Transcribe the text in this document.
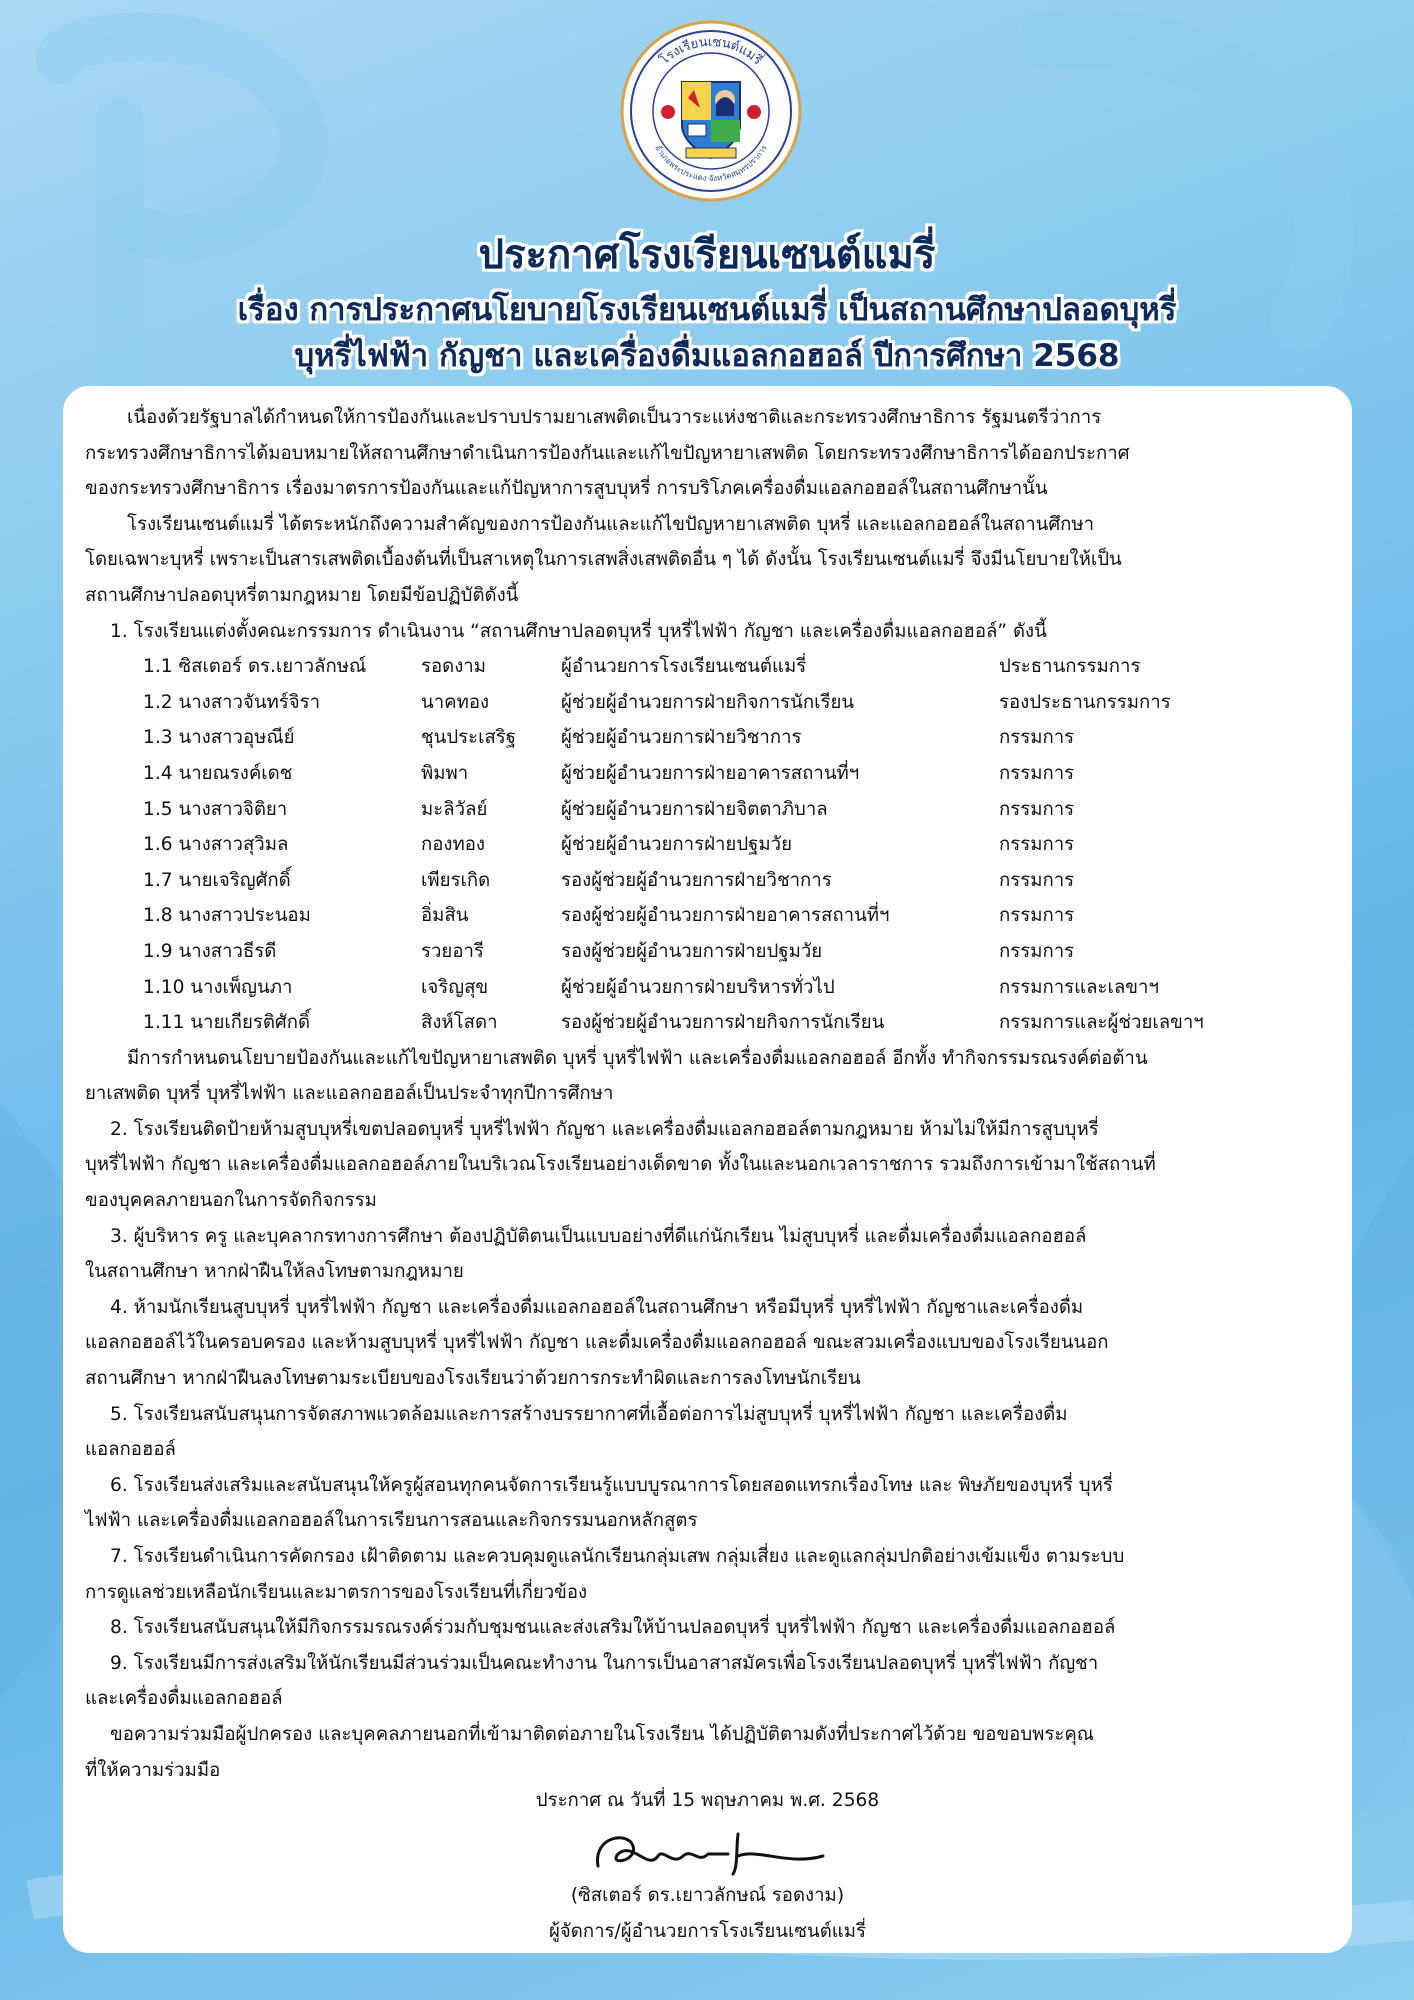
โรงเรียนเซนต์แมรี่
อำเภอพระประแดง จังหวัดสมุทรปราการ
ประกาศโรงเรียนเซนต์แมรี่
เรื่อง การประกาศนโยบายโรงเรียนเซนต์แมรี่ เป็นสถานศึกษาปลอดบุหรี่
บุหรี่ไฟฟ้า กัญชา และเครื่องดื่มแอลกอฮอล์ ปีการศึกษา 2568
เนื่องด้วยรัฐบาลได้กำหนดให้การป้องกันและปราบปรามยาเสพติดเป็นวาระแห่งชาติและกระทรวงศึกษาธิการ รัฐมนตรีว่าการ
กระทรวงศึกษาธิการได้มอบหมายให้สถานศึกษาดำเนินการป้องกันและแก้ไขปัญหายาเสพติด โดยกระทรวงศึกษาธิการได้ออกประกาศ
ของกระทรวงศึกษาธิการ เรื่องมาตรการป้องกันและแก้ปัญหาการสูบบุหรี่ การบริโภคเครื่องดื่มแอลกอฮอล์ในสถานศึกษานั้น
โรงเรียนเซนต์แมรี่ ได้ตระหนักถึงความสำคัญของการป้องกันและแก้ไขปัญหายาเสพติด บุหรี่ และแอลกอฮอล์ในสถานศึกษา
โดยเฉพาะบุหรี่ เพราะเป็นสารเสพติดเบื้องต้นที่เป็นสาเหตุในการเสพสิ่งเสพติดอื่น ๆ ได้ ดังนั้น โรงเรียนเซนต์แมรี่ จึงมีนโยบายให้เป็น
สถานศึกษาปลอดบุหรี่ตามกฎหมาย โดยมีข้อปฏิบัติดังนี้
1. โรงเรียนแต่งตั้งคณะกรรมการ ดำเนินงาน “สถานศึกษาปลอดบุหรี่ บุหรี่ไฟฟ้า กัญชา และเครื่องดื่มแอลกอฮอล์” ดังนี้
1.1 ซิสเตอร์ ดร.เยาวลักษณ์	รอดงาม	ผู้อำนวยการโรงเรียนเซนต์แมรี่	ประธานกรรมการ
1.2 นางสาวจันทร์จิรา	นาคทอง	ผู้ช่วยผู้อำนวยการฝ่ายกิจการนักเรียน	รองประธานกรรมการ
1.3 นางสาวอุษณีย์	ชุนประเสริฐ	ผู้ช่วยผู้อำนวยการฝ่ายวิชาการ	กรรมการ
1.4 นายณรงค์เดช	พิมพา	ผู้ช่วยผู้อำนวยการฝ่ายอาคารสถานที่ฯ	กรรมการ
1.5 นางสาวจิติยา	มะลิวัลย์	ผู้ช่วยผู้อำนวยการฝ่ายจิตตาภิบาล	กรรมการ
1.6 นางสาวสุวิมล	กองทอง	ผู้ช่วยผู้อำนวยการฝ่ายปฐมวัย	กรรมการ
1.7 นายเจริญศักดิ์	เพียรเกิด	รองผู้ช่วยผู้อำนวยการฝ่ายวิชาการ	กรรมการ
1.8 นางสาวประนอม	อิ่มสิน	รองผู้ช่วยผู้อำนวยการฝ่ายอาคารสถานที่ฯ	กรรมการ
1.9 นางสาวธีรดี	รวยอารี	รองผู้ช่วยผู้อำนวยการฝ่ายปฐมวัย	กรรมการ
1.10 นางเพ็ญนภา	เจริญสุข	ผู้ช่วยผู้อำนวยการฝ่ายบริหารทั่วไป	กรรมการและเลขาฯ
1.11 นายเกียรติศักดิ์	สิงห์โสดา	รองผู้ช่วยผู้อำนวยการฝ่ายกิจการนักเรียน	กรรมการและผู้ช่วยเลขาฯ
มีการกำหนดนโยบายป้องกันและแก้ไขปัญหายาเสพติด บุหรี่ บุหรี่ไฟฟ้า และเครื่องดื่มแอลกอฮอล์ อีกทั้ง ทำกิจกรรมรณรงค์ต่อต้าน
ยาเสพติด บุหรี่ บุหรี่ไฟฟ้า และแอลกอฮอล์เป็นประจำทุกปีการศึกษา
2. โรงเรียนติดป้ายห้ามสูบบุหรี่เขตปลอดบุหรี่ บุหรี่ไฟฟ้า กัญชา และเครื่องดื่มแอลกอฮอล์ตามกฎหมาย ห้ามไม่ให้มีการสูบบุหรี่
บุหรี่ไฟฟ้า กัญชา และเครื่องดื่มแอลกอฮอล์ภายในบริเวณโรงเรียนอย่างเด็ดขาด ทั้งในและนอกเวลาราชการ รวมถึงการเข้ามาใช้สถานที่
ของบุคคลภายนอกในการจัดกิจกรรม
3. ผู้บริหาร ครู และบุคลากรทางการศึกษา ต้องปฏิบัติตนเป็นแบบอย่างที่ดีแก่นักเรียน ไม่สูบบุหรี่ และดื่มเครื่องดื่มแอลกอฮอล์
ในสถานศึกษา หากฝ่าฝืนให้ลงโทษตามกฎหมาย
4. ห้ามนักเรียนสูบบุหรี่ บุหรี่ไฟฟ้า กัญชา และเครื่องดื่มแอลกอฮอล์ในสถานศึกษา หรือมีบุหรี่ บุหรี่ไฟฟ้า กัญชาและเครื่องดื่ม
แอลกอฮอล์ไว้ในครอบครอง และห้ามสูบบุหรี่ บุหรี่ไฟฟ้า กัญชา และดื่มเครื่องดื่มแอลกอฮอล์ ขณะสวมเครื่องแบบของโรงเรียนนอก
สถานศึกษา หากฝ่าฝืนลงโทษตามระเบียบของโรงเรียนว่าด้วยการกระทำผิดและการลงโทษนักเรียน
5. โรงเรียนสนับสนุนการจัดสภาพแวดล้อมและการสร้างบรรยากาศที่เอื้อต่อการไม่สูบบุหรี่ บุหรี่ไฟฟ้า กัญชา และเครื่องดื่ม
แอลกอฮอล์
6. โรงเรียนส่งเสริมและสนับสนุนให้ครูผู้สอนทุกคนจัดการเรียนรู้แบบบูรณาการโดยสอดแทรกเรื่องโทษ และ พิษภัยของบุหรี่ บุหรี่
ไฟฟ้า และเครื่องดื่มแอลกอฮอล์ในการเรียนการสอนและกิจกรรมนอกหลักสูตร
7. โรงเรียนดำเนินการคัดกรอง เฝ้าติดตาม และควบคุมดูแลนักเรียนกลุ่มเสพ กลุ่มเสี่ยง และดูแลกลุ่มปกติอย่างเข้มแข็ง ตามระบบ
การดูแลช่วยเหลือนักเรียนและมาตรการของโรงเรียนที่เกี่ยวข้อง
8. โรงเรียนสนับสนุนให้มีกิจกรรมรณรงค์ร่วมกับชุมชนและส่งเสริมให้บ้านปลอดบุหรี่ บุหรี่ไฟฟ้า กัญชา และเครื่องดื่มแอลกอฮอล์
9. โรงเรียนมีการส่งเสริมให้นักเรียนมีส่วนร่วมเป็นคณะทำงาน ในการเป็นอาสาสมัครเพื่อโรงเรียนปลอดบุหรี่ บุหรี่ไฟฟ้า กัญชา
และเครื่องดื่มแอลกอฮอล์
ขอความร่วมมือผู้ปกครอง และบุคคลภายนอกที่เข้ามาติดต่อภายในโรงเรียน ได้ปฏิบัติตามดังที่ประกาศไว้ด้วย ขอขอบพระคุณ
ที่ให้ความร่วมมือ
ประกาศ ณ วันที่ 15 พฤษภาคม พ.ศ. 2568
(ซิสเตอร์ ดร.เยาวลักษณ์ รอดงาม)
ผู้จัดการ/ผู้อำนวยการโรงเรียนเซนต์แมรี่
